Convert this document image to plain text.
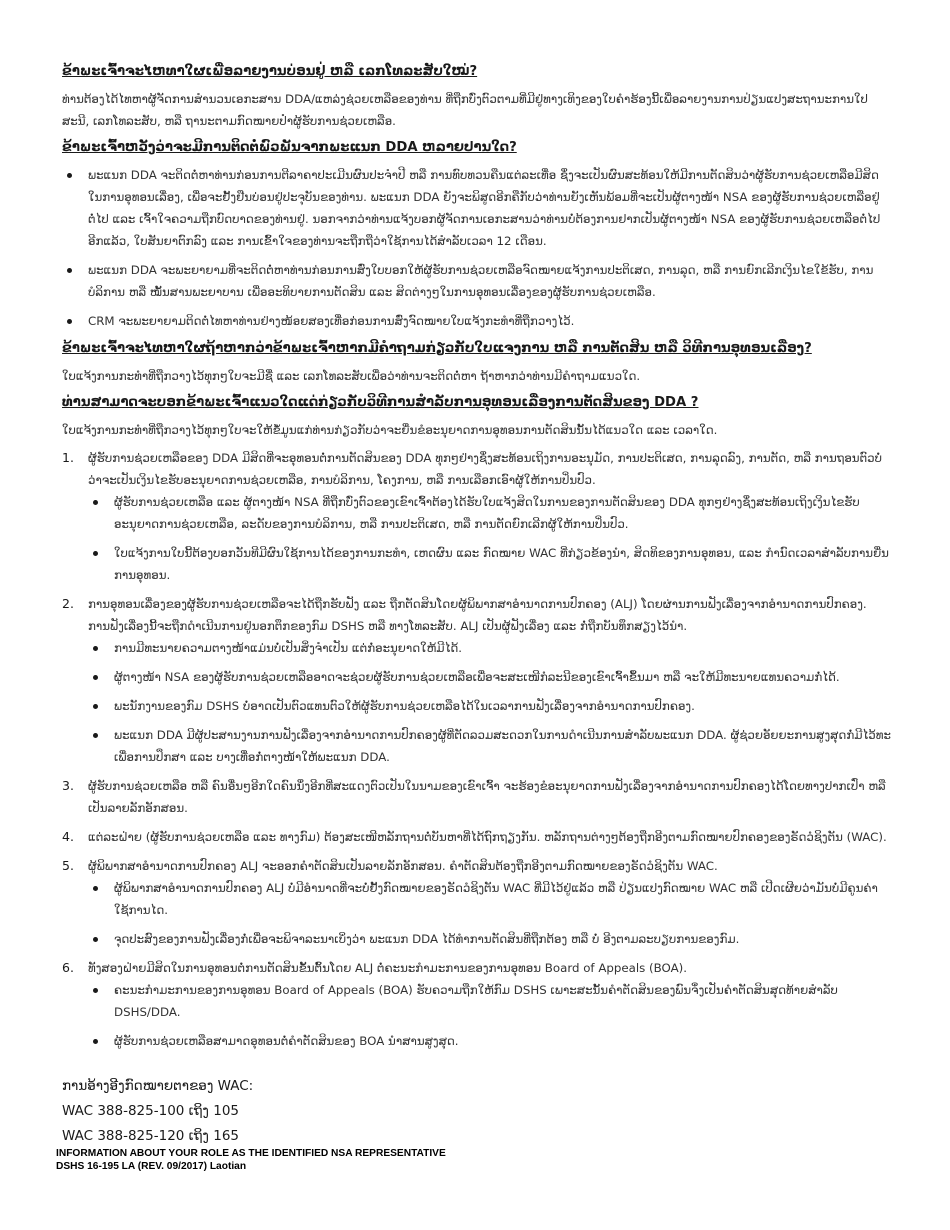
ຂ້າພະເຈົ້າຈະໄຫທາໃຜເພື່ອລາຍງານບ່ອນຢູ່ ຫລື ເລກໂທລະສັບໃໝ່?

ທ່ານຕ້ອງໄດ້ໄທຫາຜູ້ຈັດການສຳນວນເອກະສານ DDA/ແຫລ່ງຊ່ວຍເຫລືອຂອງທ່ານ ທີ່ຖືກບົ່ງຕົວຕາມທີ່ມີຢູ່ທາງເທິງຂອງໃບຄຳຮ້ອງນີ້ເພື່ອລາຍງານການປ່ຽນແປງສະຖານະການໃປສະນີ, ເລກໂທລະສັບ, ຫລື ຖານະຕາມກົດໝາຍປຳຜູ້ຮັບການຊ່ວຍເຫລືອ.

ຂ້າພະເຈົ້າຫວັງວ່າຈະມີການຕິດຕໍ່ພົວພັນຈາກພະແນກ DDA ຫລາຍປານໃດ?
ພະແນກ DDA ຈະຕິດຕໍ່ຫາທ່ານກ່ອນການຕີລາຄາປະເມີນຜົນປະຈຳປີ ຫລື ການທົບທວນຄືນແຕ່ລະເທື່ອ ຊຶ່ງຈະເປັນຜົນສະທ້ອນໃຫ້ມີການຕັດສິນວ່າຜູ້ຮັບການຊ່ວຍເຫລືອມີສິດໃນການອຸທອນເລື່ອງ, ເພື່ອຈະຢັ້ງຢືນບ່ອນຢູ່ປະຈຸບັນຂອງທ່ານ. ພະແນກ DDA ຍັງຈະພິສູດອີກຄືກັບວ່າທ່ານຍັງເຫັນພ້ອມທີ່ຈະເປັນຜູ້ຕາງໜ້າ NSA ຂອງຜູ້ຮັບການຊ່ວຍເຫລືອຢູ່ຕໍ່ໄປ ແລະ ເຈົ້າໃຈຄວາມຖືກບົດບາດຂອງທ່ານຢູ່. ນອກຈາກວ່າທ່ານແຈ້ງບອກຜູ້ຈັດການເອກະສານວ່າທ່ານບໍ່ຕ້ອງການຢາກເປັນຜູ້ຕາງໜ້າ NSA ຂອງຜູ້ຮັບການຊ່ວຍເຫລືອຕໍ່ໄປອີກແລ້ວ, ໃບສັນຍາຕົກລົງ ແລະ ການເຂົ້າໃຈຂອງທ່ານຈະຖືກຖືວ່າໃຊ້ການໄດ້ສຳລັບເວລາ 12 ເດືອນ.
ພະແນກ DDA ຈະພະຍາຍາມທີ່ຈະຕິດຕໍ່ຫາທ່ານກ່ອນການສົ່ງໃບບອກໃຫ້ຜູ້ຮັບການຊ່ວຍເຫລືອຈົດໝາຍແຈ້ງການປະຕິເສດ, ການລຸດ, ຫລື ການຍົກເລີກເງິນໄຂໃຂ້ຮັບ, ການບໍລິການ ຫລື ໝັ້ນສານພະຍາບານ ເພື່ອອະທິບາຍການຕັດສິນ ແລະ ສິດຕ່າງໆໃນການອຸທອນເລື່ອງຂອງຜູ້ຮັບການຊ່ວຍເຫລືອ.
CRM ຈະພະຍາຍາມຕິດຕໍ່ໄທຫາທ່ານຢ່າງໜ້ອຍສອງເທື່ອກ່ອນການສົ່ງຈົດໝາຍໃບແຈ້ງກະທຳທີ່ຖືກວາງໄວ້.
ຂ້າພະເຈົ້າຈະໄທຫາໃຜຖ້າຫາກວ່າຂ້າພະເຈົ້າຫາກມີຄຳຖາມກ່ຽວກັບໃບແຈງການ ຫລື ການຕັດສິນ ຫລື ວິທີການອຸທອນເລື່ອງ?

ໃບແຈ້ງການກະທຳທີ່ຖືກວາງໄວ້ທຸກໆໃບຈະມີຊື່ ແລະ ເລກໂທລະສັບເພື່ອວ່າທ່ານຈະຕິດຕໍ່ຫາ ຖ້າຫາກວ່າທ່ານມີຄຳຖາມແນວໃດ.

ທ່ານສາມາດຈະບອກຂ້າພະເຈົ້າແນວໃດແດ່ກ່ຽວກັບວິທີການສຳລັບການອຸທອນເລື່ອງການຕັດສິນຂອງ DDA ?

ໃບແຈ້ງການກະທຳທີ່ຖືກວາງໄວ້ທຸກໆໃບຈະໃຫ້ຂໍ້ມູນແກ່ທ່ານກ່ຽວກັບວ່າຈະຍື່ນຂໍອະນຸຍາດການອຸທອນການຕັດສິນນັ້ນໄດ້ແນວໃດ ແລະ ເວລາໃດ.

1. ຜູ້ຮັບການຊ່ວຍເຫລືອຂອງ DDA ມີສິດທີ່ຈະອຸທອນຕໍ່ການຕັດສິນຂອງ DDA ທຸກໆຢ່າງຊຶ່ງສະທ້ອນເຖິງການອະນຸມັດ, ການປະຕິເສດ, ການລຸດລົງ, ການຕັດ, ຫລື ການຖອນຕົວບໍ່ວ່າຈະເປັນເງິນໄຂຮັບອະນຸຍາດການຊ່ວຍເຫລືອ, ການບໍລິການ, ໂຄງການ, ຫລື ການເລືອກເອົາຜູ້ໃຫ້ການປິ່ນປົວ.
ຜູ້ຮັບການຊ່ວຍເຫລືອ ແລະ ຜູ້ຕາງໜ້າ NSA ທີ່ຖືກບົ່ງຕົວຂອງເຂົາເຈົ້າຕ້ອງໄດ້ຮັບໃບແຈ້ງສິດໃນການຂອງການຕັດສິນຂອງ DDA ທຸກໆຢ່າງຊຶ່ງສະທ້ອນເຖິງເງິນໄຂຮັບອະນຸຍາດການຊ່ວຍເຫລືອ, ລະດັບຂອງການບໍລິການ, ຫລື ການປະຕິເສດ, ຫລື ການຕັດຍົກເລີກຜູ້ໃຫ້ການປິ່ນປົວ.
ໃບແຈ້ງການໃບນີ້ຕ້ອງບອກວັນທີມີຜົນໃຊ້ການໄດ້ຂອງການກະທຳ, ເຫດຜົນ ແລະ ກົດໝາຍ WAC ທີ່ກ່ຽວຂ້ອງນຳ, ສິດທິຂອງການອຸທອນ, ແລະ ກຳນົດເວລາສຳລັບການຍື່ນການອຸທອນ.
2. ການອຸທອນເລື່ອງຂອງຜູ້ຮັບການຊ່ວຍເຫລືອຈະໄດ້ຖືກຮັບຟັງ ແລະ ຖືກຕັດສິນໂດຍຜູ້ພິພາກສາອຳນາດການປົກຄອງ (ALJ) ໂດຍຜ່ານການຟັງເລື່ອງຈາກອຳນາດການປົກຄອງ. ການຟັງເລື່ອງນີ້ຈະຖືກດຳເນີນການຢູ່ນອກຕຶກຂອງກົມ DSHS ຫລື ທາງໂທລະສັບ. ALJ ເປັນຜູ້ຟັງເລື່ອງ ແລະ ກໍ່ຖືກບັນທຶກສຽງໄວ້ນຳ.
ການມີທະນາຍຄວາມຕາງໜ້າແມ່ນບໍ່ເປັນສິ່ງຈຳເປັນ ແຕ່ກໍ່ອະນຸຍາດໃຫ້ມີໄດ້.
ຜູ້ຕາງໜ້າ NSA ຂອງຜູ້ຮັບການຊ່ວຍເຫລືອອາດຈະຊ່ວຍຜູ້ຮັບການຊ່ວຍເຫລືອເພື່ອຈະສະເໜີກໍລະນີຂອງເຂົາເຈົ້າຂຶ້ນມາ ຫລື ຈະໃຫ້ມີທະນາຍແທນຄວາມກໍ່ໄດ້.
ພະນັກງານຂອງກົມ DSHS ບໍ່ອາດເປັນຕົວແທນຕົວໃຫ້ຜູ້ຮັບການຊ່ວຍເຫລືອໄດ້ໃນເວລາການຟັງເລື່ອງຈາກອຳນາດການປົກຄອງ.
ພະແນກ DDA ມີຜູ້ປະສານງານການຟັງເລື່ອງຈາກອຳນາດການປົກຄອງຜູ້ທີ່ຕັດລວມສະດວກໃນການດຳເນີນການສຳລັບພະແນກ DDA. ຜູ້ຊ່ວຍອັຍຍະການສູງສຸດກໍ່ມີໄວ້ທະເພື່ອການປຶກສາ ແລະ ບາງເທື່ອກໍ່ຕາງໜ້າໃຫ້ພະແນກ DDA.
3. ຜູ້ຮັບການຊ່ວຍເຫລືອ ຫລື ຄົນອື່ນໆອີກໃດຄົນນຶ່ງອີກທີ່ສະແດງຕົວເປັນໃນນາມຂອງເຂົາເຈົ້າ ຈະຮ້ອງຂໍອະນຸຍາດການຟັງເລື່ອງຈາກອຳນາດການປົກຄອງໄດ້ໂດຍທາງປາກເປົ່າ ຫລື ເປັນລາຍລັກອັກສອນ.
4. ແຕ່ລະຝ່າຍ (ຜູ້ຮັບການຊ່ວຍເຫລືອ ແລະ ທາງກົມ) ຕ້ອງສະເໜີຫລັກຖານຕໍ່ບັນຫາທີ່ໄດ້ຖົກຖຽງກັນ. ຫລັກຖານຕ່າງໆຕ້ອງຖືກອີງຕາມກົດໝາຍປົກຄອງຂອງຣັດວໍຊິງຕັນ (WAC).
5. ຜູ້ພິພາກສາອຳນາດການປົກຄອງ ALJ ຈະອອກຄຳຕັດສິນເປັນລາຍລັກອັກສອນ. ຄຳຕັດສິນຕ້ອງຖືກອີງຕາມກົດໝາຍຂອງຣັດວໍຊິງຕັນ WAC.
ຜູ້ພິພາກສາອຳນາດການປົກຄອງ ALJ ບໍ່ມີອຳນາດທີ່ຈະບໍ່ຢັ້ງກົດໝາຍຂອງຣັດວໍຊິງຕັນ WAC ທີ່ມີໄວ້ຢູ່ແລ້ວ ຫລື ປ່ຽນແປງກົດໝາຍ WAC ຫລື ເປີດເຜີຍວ່າມັນບໍ່ມີຄູນຄ່າໃຊ້ການໄດ.
ຈຸດປະສົງຂອງການຟັງເລື່ອງກໍ່ເພື່ອຈະພິຈາລະນາເບິ່ງວ່າ ພະແນກ DDA ໄດ້ທຳການຕັດສິນທີ່ຖືກຕ້ອງ ຫລື ບໍ່ ອີງຕາມລະບຽບການຂອງກົມ.
6. ທັງສອງຝ່າຍມີສິດໃນການອຸທອນຕໍ່ການຕັດສິນຂັ້ນຕົ້ນໂດຍ ALJ ຕໍ່ຄະນະກຳມະການຂອງການອຸທອນ Board of Appeals (BOA).
ຄະນະກຳມະການຂອງການອຸທອນ Board of Appeals (BOA) ຮັບຄວາມຖືກໃຫ້ກົມ DSHS ເພາະສະນັ້ນຄຳຕັດສິນຂອງພົນຈຶ່ງເປັນຄຳຕັດສິນສຸດທ້າຍສຳລັບ DSHS/DDA.
ຜູ້ຮັບການຊ່ວຍເຫລືອສາມາດອຸທອນຕໍ່ຄຳຕັດສິນຂອງ BOA ນຳສານສູງສຸດ.
ການອ້າງອີງກົດໝາຍຕາຂອງ WAC:
WAC 388-825-100 ເຖິງ 105
WAC 388-825-120 ເຖິງ 165
INFORMATION ABOUT YOUR ROLE AS THE IDENTIFIED NSA REPRESENTATIVE
DSHS 16-195 LA (REV. 09/2017) Laotian
